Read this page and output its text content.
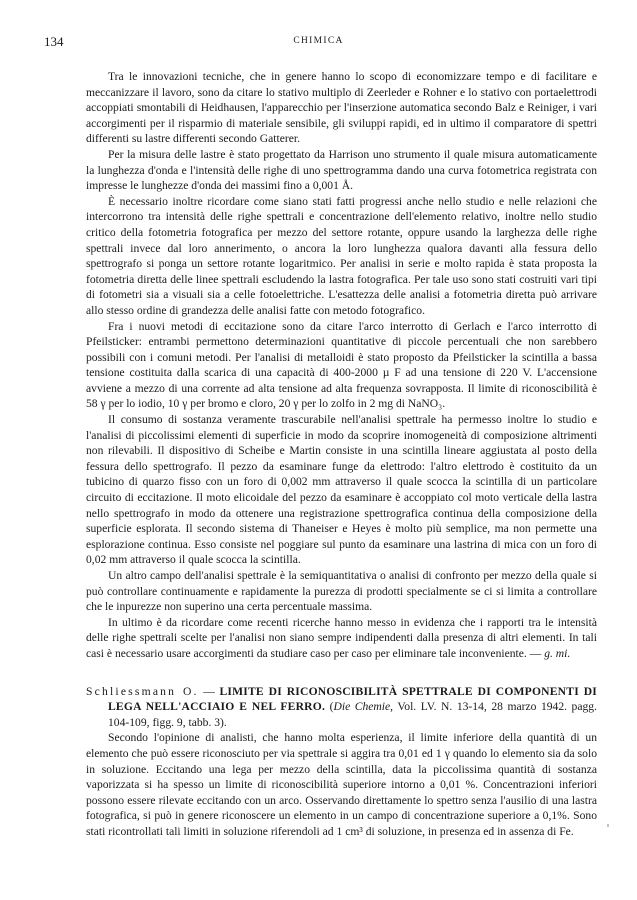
134	CHIMICA

Tra le innovazioni tecniche, che in genere hanno lo scopo di economizzare tempo e di facilitare e meccanizzare il lavoro, sono da citare lo stativo multiplo di Zeerleder e Rohner e lo stativo con portaelettrodi accoppiati smontabili di Heidhausen, l'apparecchio per l'inserzione automatica secondo Balz e Reiniger, i vari accorgimenti per il risparmio di materiale sensibile, gli sviluppi rapidi, ed in ultimo il comparatore di spettri differenti su lastre differenti secondo Gatterer.

Per la misura delle lastre è stato progettato da Harrison uno strumento il quale misura automaticamente la lunghezza d'onda e l'intensità delle righe di uno spettrogramma dando una curva fotometrica registrata con impresse le lunghezze d'onda dei massimi fino a 0,001 Å.

È necessario inoltre ricordare come siano stati fatti progressi anche nello studio e nelle relazioni che intercorrono tra intensità delle righe spettrali e concentrazione dell'elemento relativo, inoltre nello studio critico della fotometria fotografica per mezzo del settore rotante, oppure usando la larghezza delle righe spettrali invece dal loro annerimento, o ancora la loro lunghezza qualora davanti alla fessura dello spettrografo si ponga un settore rotante logaritmico. Per analisi in serie e molto rapida è stata proposta la fotometria diretta delle linee spettrali escludendo la lastra fotografica. Per tale uso sono stati costruiti vari tipi di fotometri sia a visuali sia a celle fotoelettriche. L'esattezza delle analisi a fotometria diretta può arrivare allo stesso ordine di grandezza delle analisi fatte con metodo fotografico.

Fra i nuovi metodi di eccitazione sono da citare l'arco interrotto di Gerlach e l'arco interrotto di Pfeilsticker: entrambi permettono determinazioni quantitative di piccole percentuali che non sarebbero possibili con i comuni metodi. Per l'analisi di metalloidi è stato proposto da Pfeilsticker la scintilla a bassa tensione costituita dalla scarica di una capacità di 400-2000 µ F ad una tensione di 220 V. L'accensione avviene a mezzo di una corrente ad alta tensione ad alta frequenza sovrapposta. Il limite di riconoscibilità è 58 γ per lo iodio, 10 γ per bromo e cloro, 20 γ per lo zolfo in 2 mg di NaNO₃.

Il consumo di sostanza veramente trascurabile nell'analisi spettrale ha permesso inoltre lo studio e l'analisi di piccolissimi elementi di superficie in modo da scoprire inomogeneità di composizione altrimenti non rilevabili. Il dispositivo di Scheibe e Martin consiste in una scintilla lineare aggiustata al posto della fessura dello spettrografo. Il pezzo da esaminare funge da elettrodo: l'altro elettrodo è costituito da un tubicino di quarzo fisso con un foro di 0,002 mm attraverso il quale scocca la scintilla di un particolare circuito di eccitazione. Il moto elicoidale del pezzo da esaminare è accoppiato col moto verticale della lastra nello spettrografo in modo da ottenere una registrazione spettrografica continua della composizione della superficie esplorata. Il secondo sistema di Thaneiser e Heyes è molto più semplice, ma non permette una esplorazione continua. Esso consiste nel poggiare sul punto da esaminare una lastrina di mica con un foro di 0,02 mm attraverso il quale scocca la scintilla.

Un altro campo dell'analisi spettrale è la semiquantitativa o analisi di confronto per mezzo della quale si può controllare continuamente e rapidamente la purezza di prodotti specialmente se ci si limita a controllare che le inpurezze non superino una certa percentuale massima.

In ultimo è da ricordare come recenti ricerche hanno messo in evidenza che i rapporti tra le intensità delle righe spettrali scelte per l'analisi non siano sempre indipendenti dalla presenza di altri elementi. In tali casi è necessario usare accorgimenti da studiare caso per caso per eliminare tale inconveniente. — g. mi.

Schliessmann O. — LIMITE DI RICONOSCIBILITÀ SPETTRALE DI COMPONENTI DI LEGA NELL'ACCIAIO E NEL FERRO. (Die Chemie, Vol. LV. N. 13-14, 28 marzo 1942. pagg. 104-109, figg. 9, tabb. 3).

Secondo l'opinione di analisti, che hanno molta esperienza, il limite inferiore della quantità di un elemento che può essere riconosciuto per via spettrale si aggira tra 0,01 ed 1 γ quando lo elemento sia da solo in soluzione. Eccitando una lega per mezzo della scintilla, data la piccolissima quantità di sostanza vaporizzata si ha spesso un limite di riconoscibilità superiore intorno a 0,01 %. Concentrazioni inferiori possono essere rilevate eccitando con un arco. Osservando direttamente lo spettro senza l'ausilio di una lastra fotografica, si può in genere riconoscere un elemento in un campo di concentrazione superiore a 0,1%. Sono stati ricontrollati tali limiti in soluzione riferendoli ad 1 cm³ di soluzione, in presenza ed in assenza di Fe.
